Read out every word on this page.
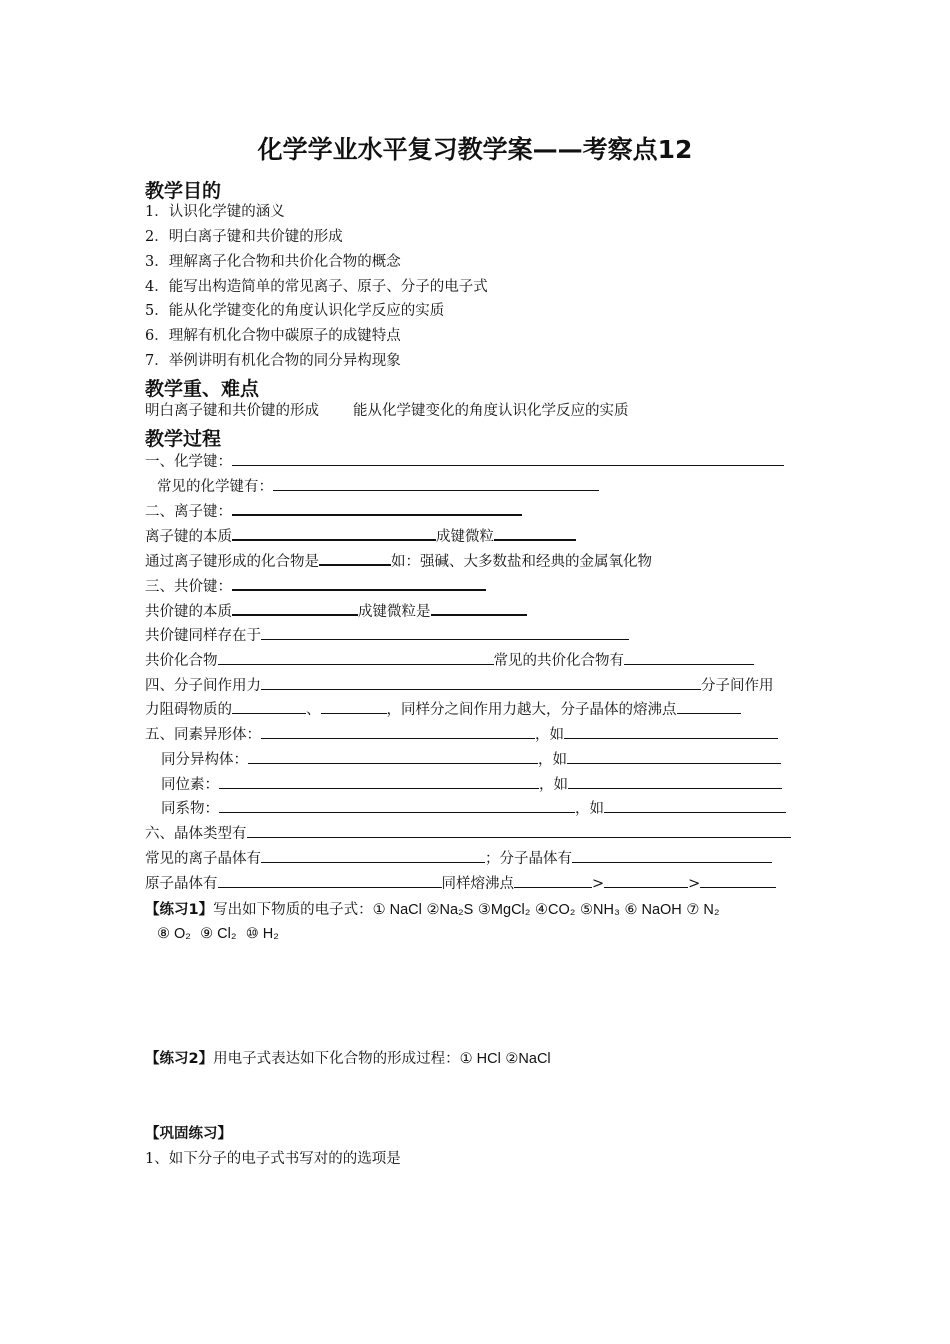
化学学业水平复习教学案——考察点12
教学目的
1．认识化学键的涵义
2．明白离子键和共价键的形成
3．理解离子化合物和共价化合物的概念
4．能写出构造简单的常见离子、原子、分子的电子式
5．能从化学键变化的角度认识化学反应的实质
6．理解有机化合物中碳原子的成键特点
7．举例讲明有机化合物的同分异构现象
教学重、难点
明白离子键和共价键的形成 能从化学键变化的角度认识化学反应的实质
教学过程
一、化学键：
常见的化学键有：
二、离子键：
离子键的本质	成键微粒
通过离子键形成的化合物是	如：强碱、大多数盐和经典的金属氧化物
三、共价键：
共价键的本质	成键微粒是
共价键同样存在于
共价化合物	常见的共价化合物有
四、分子间作用力	分子间作用
力阻碍物质的	、	，同样分之间作用力越大，分子晶体的熔沸点
五、同素异形体：	，如
同分异构体：	，如
同位素：	，如
同系物：	，如
六、晶体类型有
常见的离子晶体有	；分子晶体有
原子晶体有	同样熔沸点	>	>
【练习1】写出如下物质的电子式：① NaCl ②Na₂S ③MgCl₂ ④CO₂ ⑤NH₃ ⑥ NaOH ⑦ N₂
⑧ O₂ ⑨ Cl₂ ⑩ H₂
【练习2】用电子式表达如下化合物的形成过程：① HCl ②NaCl
【巩固练习】
1、如下分子的电子式书写对的的选项是
